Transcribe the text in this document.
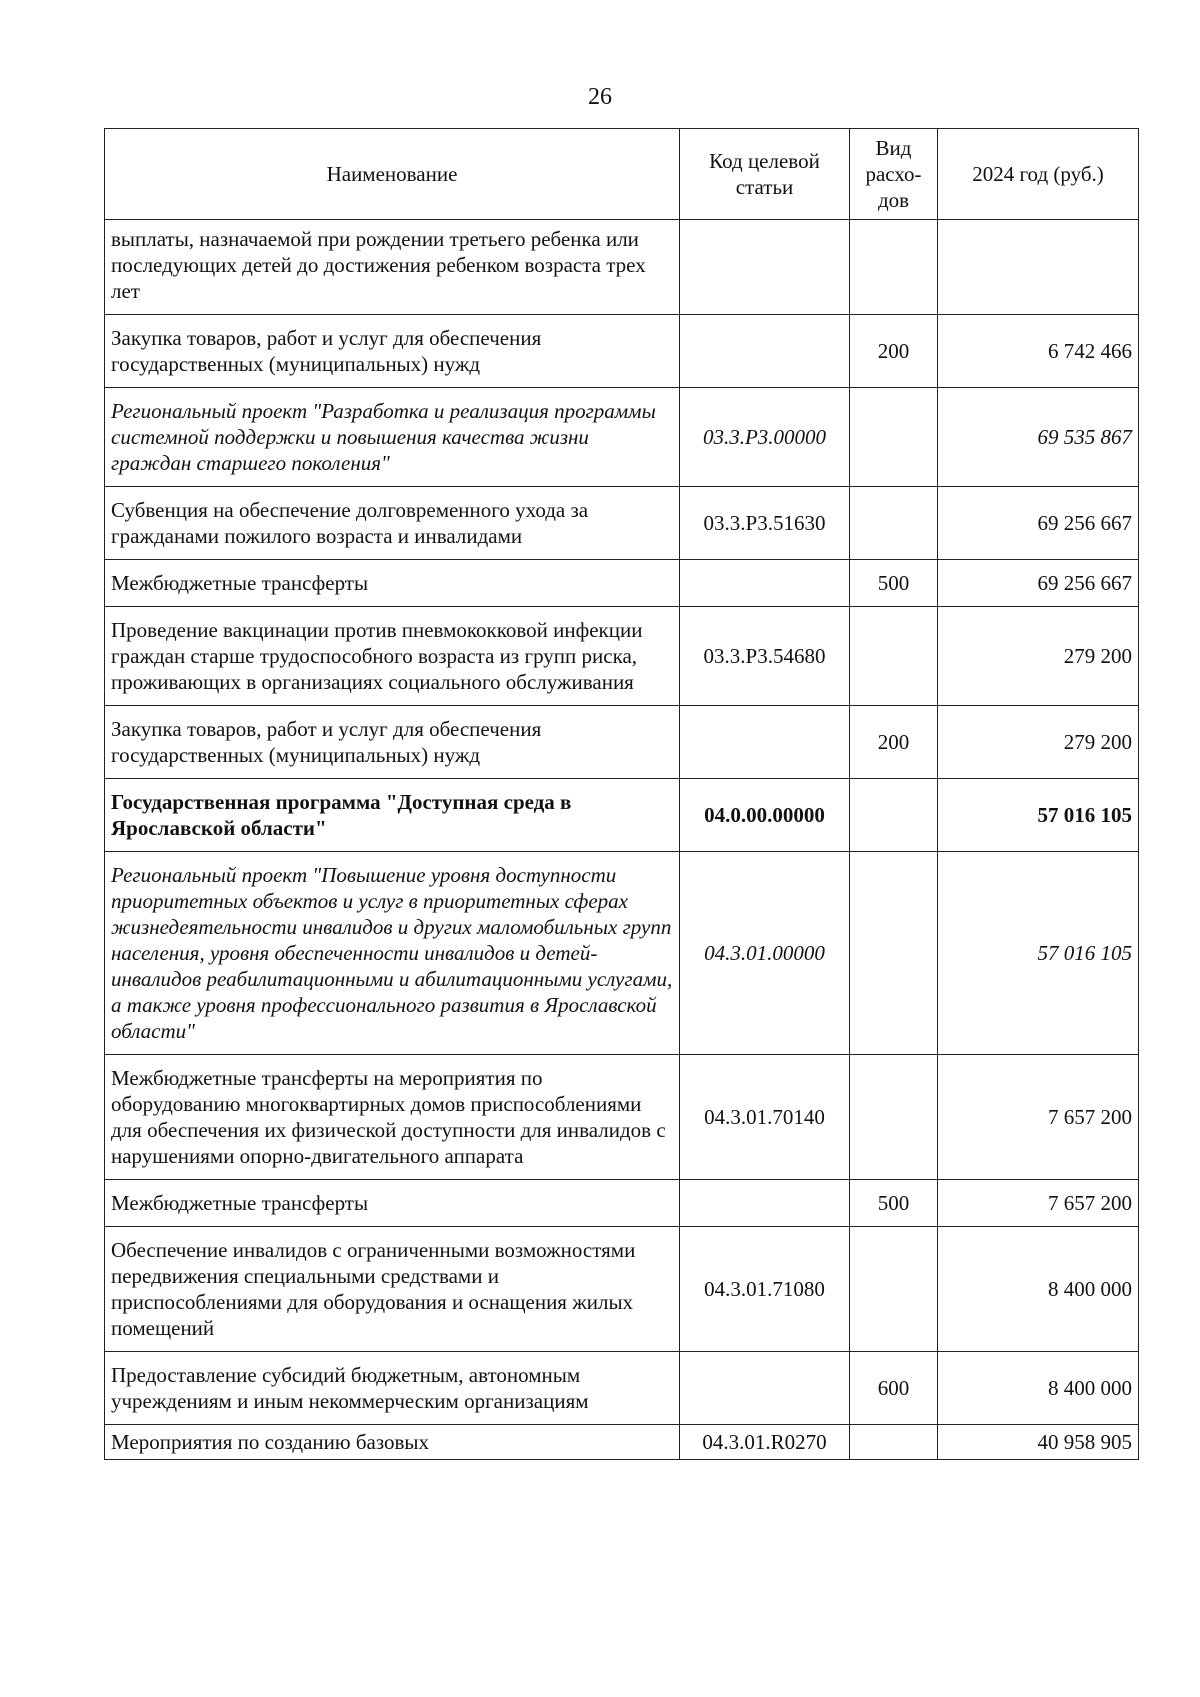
26
Наименование	Код целевой статьи	Вид расхо-дов	2024 год (руб.)
выплаты, назначаемой при рождении третьего ребенка или последующих детей до достижения ребенком возраста трех лет			
Закупка товаров, работ и услуг для обеспечения государственных (муниципальных) нужд		200	6 742 466
Региональный проект "Разработка и реализация программы системной поддержки и повышения качества жизни граждан старшего поколения"	03.3.P3.00000		69 535 867
Субвенция на обеспечение долговременного ухода за гражданами пожилого возраста и инвалидами	03.3.P3.51630		69 256 667
Межбюджетные трансферты		500	69 256 667
Проведение вакцинации против пневмококковой инфекции граждан старше трудоспособного возраста из групп риска, проживающих в организациях социального обслуживания	03.3.P3.54680		279 200
Закупка товаров, работ и услуг для обеспечения государственных (муниципальных) нужд		200	279 200
Государственная программа "Доступная среда в Ярославской области"	04.0.00.00000		57 016 105
Региональный проект "Повышение уровня доступности приоритетных объектов и услуг в приоритетных сферах жизнедеятельности инвалидов и других маломобильных групп населения, уровня обеспеченности инвалидов и детей-инвалидов реабилитационными и абилитационными услугами, а также уровня профессионального развития в Ярославской области"	04.3.01.00000		57 016 105
Межбюджетные трансферты на мероприятия по оборудованию многоквартирных домов приспособлениями для обеспечения их физической доступности для инвалидов с нарушениями опорно-двигательного аппарата	04.3.01.70140		7 657 200
Межбюджетные трансферты		500	7 657 200
Обеспечение инвалидов с ограниченными возможностями передвижения специальными средствами и приспособлениями для оборудования и оснащения жилых помещений	04.3.01.71080		8 400 000
Предоставление субсидий бюджетным, автономным учреждениям и иным некоммерческим организациям		600	8 400 000
Мероприятия по созданию базовых	04.3.01.R0270		40 958 905
